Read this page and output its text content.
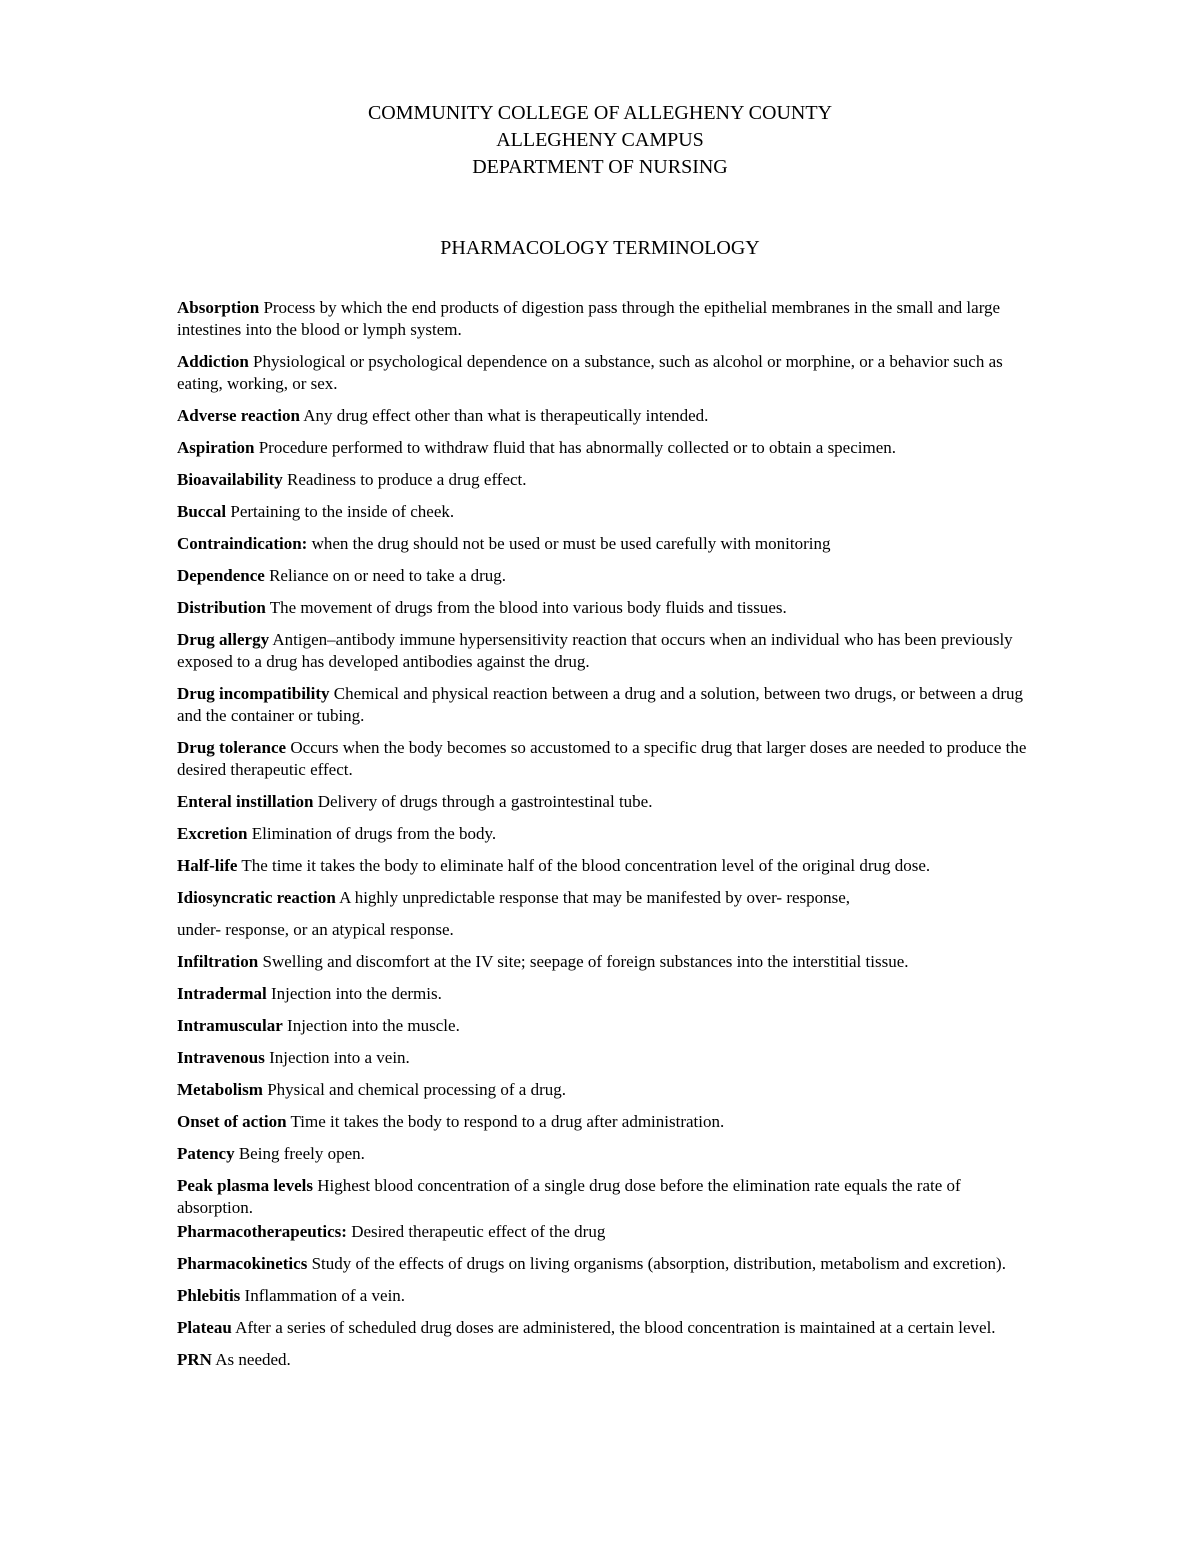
COMMUNITY COLLEGE OF ALLEGHENY COUNTY
ALLEGHENY CAMPUS
DEPARTMENT OF NURSING
PHARMACOLOGY TERMINOLOGY

Absorption Process by which the end products of digestion pass through the epithelial membranes in the small and large intestines into the blood or lymph system.

Addiction Physiological or psychological dependence on a substance, such as alcohol or morphine, or a behavior such as eating, working, or sex.

Adverse reaction Any drug effect other than what is therapeutically intended.

Aspiration Procedure performed to withdraw fluid that has abnormally collected or to obtain a specimen.

Bioavailability Readiness to produce a drug effect.

Buccal Pertaining to the inside of cheek.

Contraindication: when the drug should not be used or must be used carefully with monitoring

Dependence Reliance on or need to take a drug.

Distribution The movement of drugs from the blood into various body fluids and tissues.

Drug allergy Antigen–antibody immune hypersensitivity reaction that occurs when an individual who has been previously exposed to a drug has developed antibodies against the drug.

Drug incompatibility Chemical and physical reaction between a drug and a solution, between two drugs, or between a drug and the container or tubing.

Drug tolerance Occurs when the body becomes so accustomed to a specific drug that larger doses are needed to produce the desired therapeutic effect.

Enteral instillation Delivery of drugs through a gastrointestinal tube.

Excretion Elimination of drugs from the body.

Half-life The time it takes the body to eliminate half of the blood concentration level of the original drug dose.

Idiosyncratic reaction A highly unpredictable response that may be manifested by over- response,

under- response, or an atypical response.

Infiltration Swelling and discomfort at the IV site; seepage of foreign substances into the interstitial tissue.

Intradermal Injection into the dermis.

Intramuscular Injection into the muscle.

Intravenous Injection into a vein.

Metabolism Physical and chemical processing of a drug.

Onset of action Time it takes the body to respond to a drug after administration.

Patency Being freely open.

Peak plasma levels Highest blood concentration of a single drug dose before the elimination rate equals the rate of absorption.

Pharmacotherapeutics: Desired therapeutic effect of the drug

Pharmacokinetics Study of the effects of drugs on living organisms (absorption, distribution, metabolism and excretion).

Phlebitis Inflammation of a vein.

Plateau After a series of scheduled drug doses are administered, the blood concentration is maintained at a certain level.

PRN As needed.
